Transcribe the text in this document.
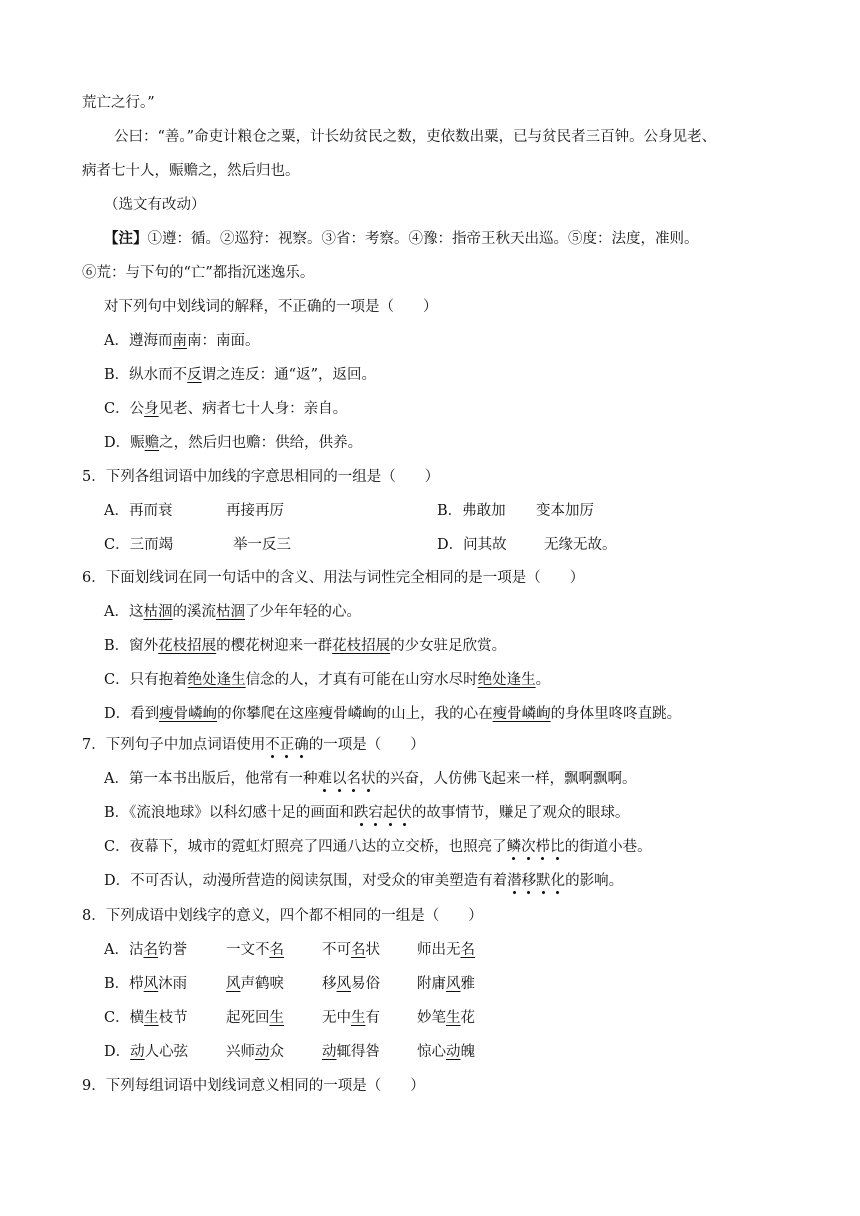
荒亡之行。”
公曰：“善。”命吏计粮仓之粟，计长幼贫民之数，吏依数出粟，已与贫民者三百钟。公身见老、
病者七十人，赈赡之，然后归也。
（选文有改动）
【注】①遵：循。②巡狩：视察。③省：考察。④豫：指帝王秋天出巡。⑤度：法度，准则。
⑥荒：与下句的“亡”都指沉迷逸乐。
对下列句中划线词的解释，不正确的一项是（　　）
A．遵海而南南：南面。
B．纵水而不反谓之连反：通“返”，返回。
C．公身见老、病者七十人身：亲自。
D．赈赡之，然后归也赡：供给，供养。
5．下列各组词语中加线的字意思相同的一组是（　　）
A．再而衰	再接再厉	B．弗敢加 变本加厉
C．三而竭	举一反三	D．问其故	无缘无故。
6．下面划线词在同一句话中的含义、用法与词性完全相同的是一项是（　　）
A．这枯涸的溪流枯涸了少年年轻的心。
B．窗外花枝招展的樱花树迎来一群花枝招展的少女驻足欣赏。
C．只有抱着绝处逢生信念的人，才真有可能在山穷水尽时绝处逢生。
D．看到瘦骨嶙峋的你攀爬在这座瘦骨嶙峋的山上，我的心在瘦骨嶙峋的身体里咚咚直跳。
7．下列句子中加点词语使用不正确的一项是（　　）
A．第一本书出版后，他常有一种难以名状的兴奋，人仿佛飞起来一样，飘啊飘啊。
B．《流浪地球》以科幻感十足的画面和跌宕起伏的故事情节，赚足了观众的眼球。
C．夜幕下，城市的霓虹灯照亮了四通八达的立交桥，也照亮了鳞次栉比的街道小巷。
D．不可否认，动漫所营造的阅读氛围，对受众的审美塑造有着潜移默化的影响。
8．下列成语中划线字的意义，四个都不相同的一组是（　　）
A．沽名钓誉	一文不名	不可名状	师出无名
B．栉风沐雨	风声鹤唳	移风易俗	附庸风雅
C．横生枝节	起死回生	无中生有	妙笔生花
D．动人心弦	兴师动众	动辄得咎	惊心动魄
9．下列每组词语中划线词意义相同的一项是（　　）
